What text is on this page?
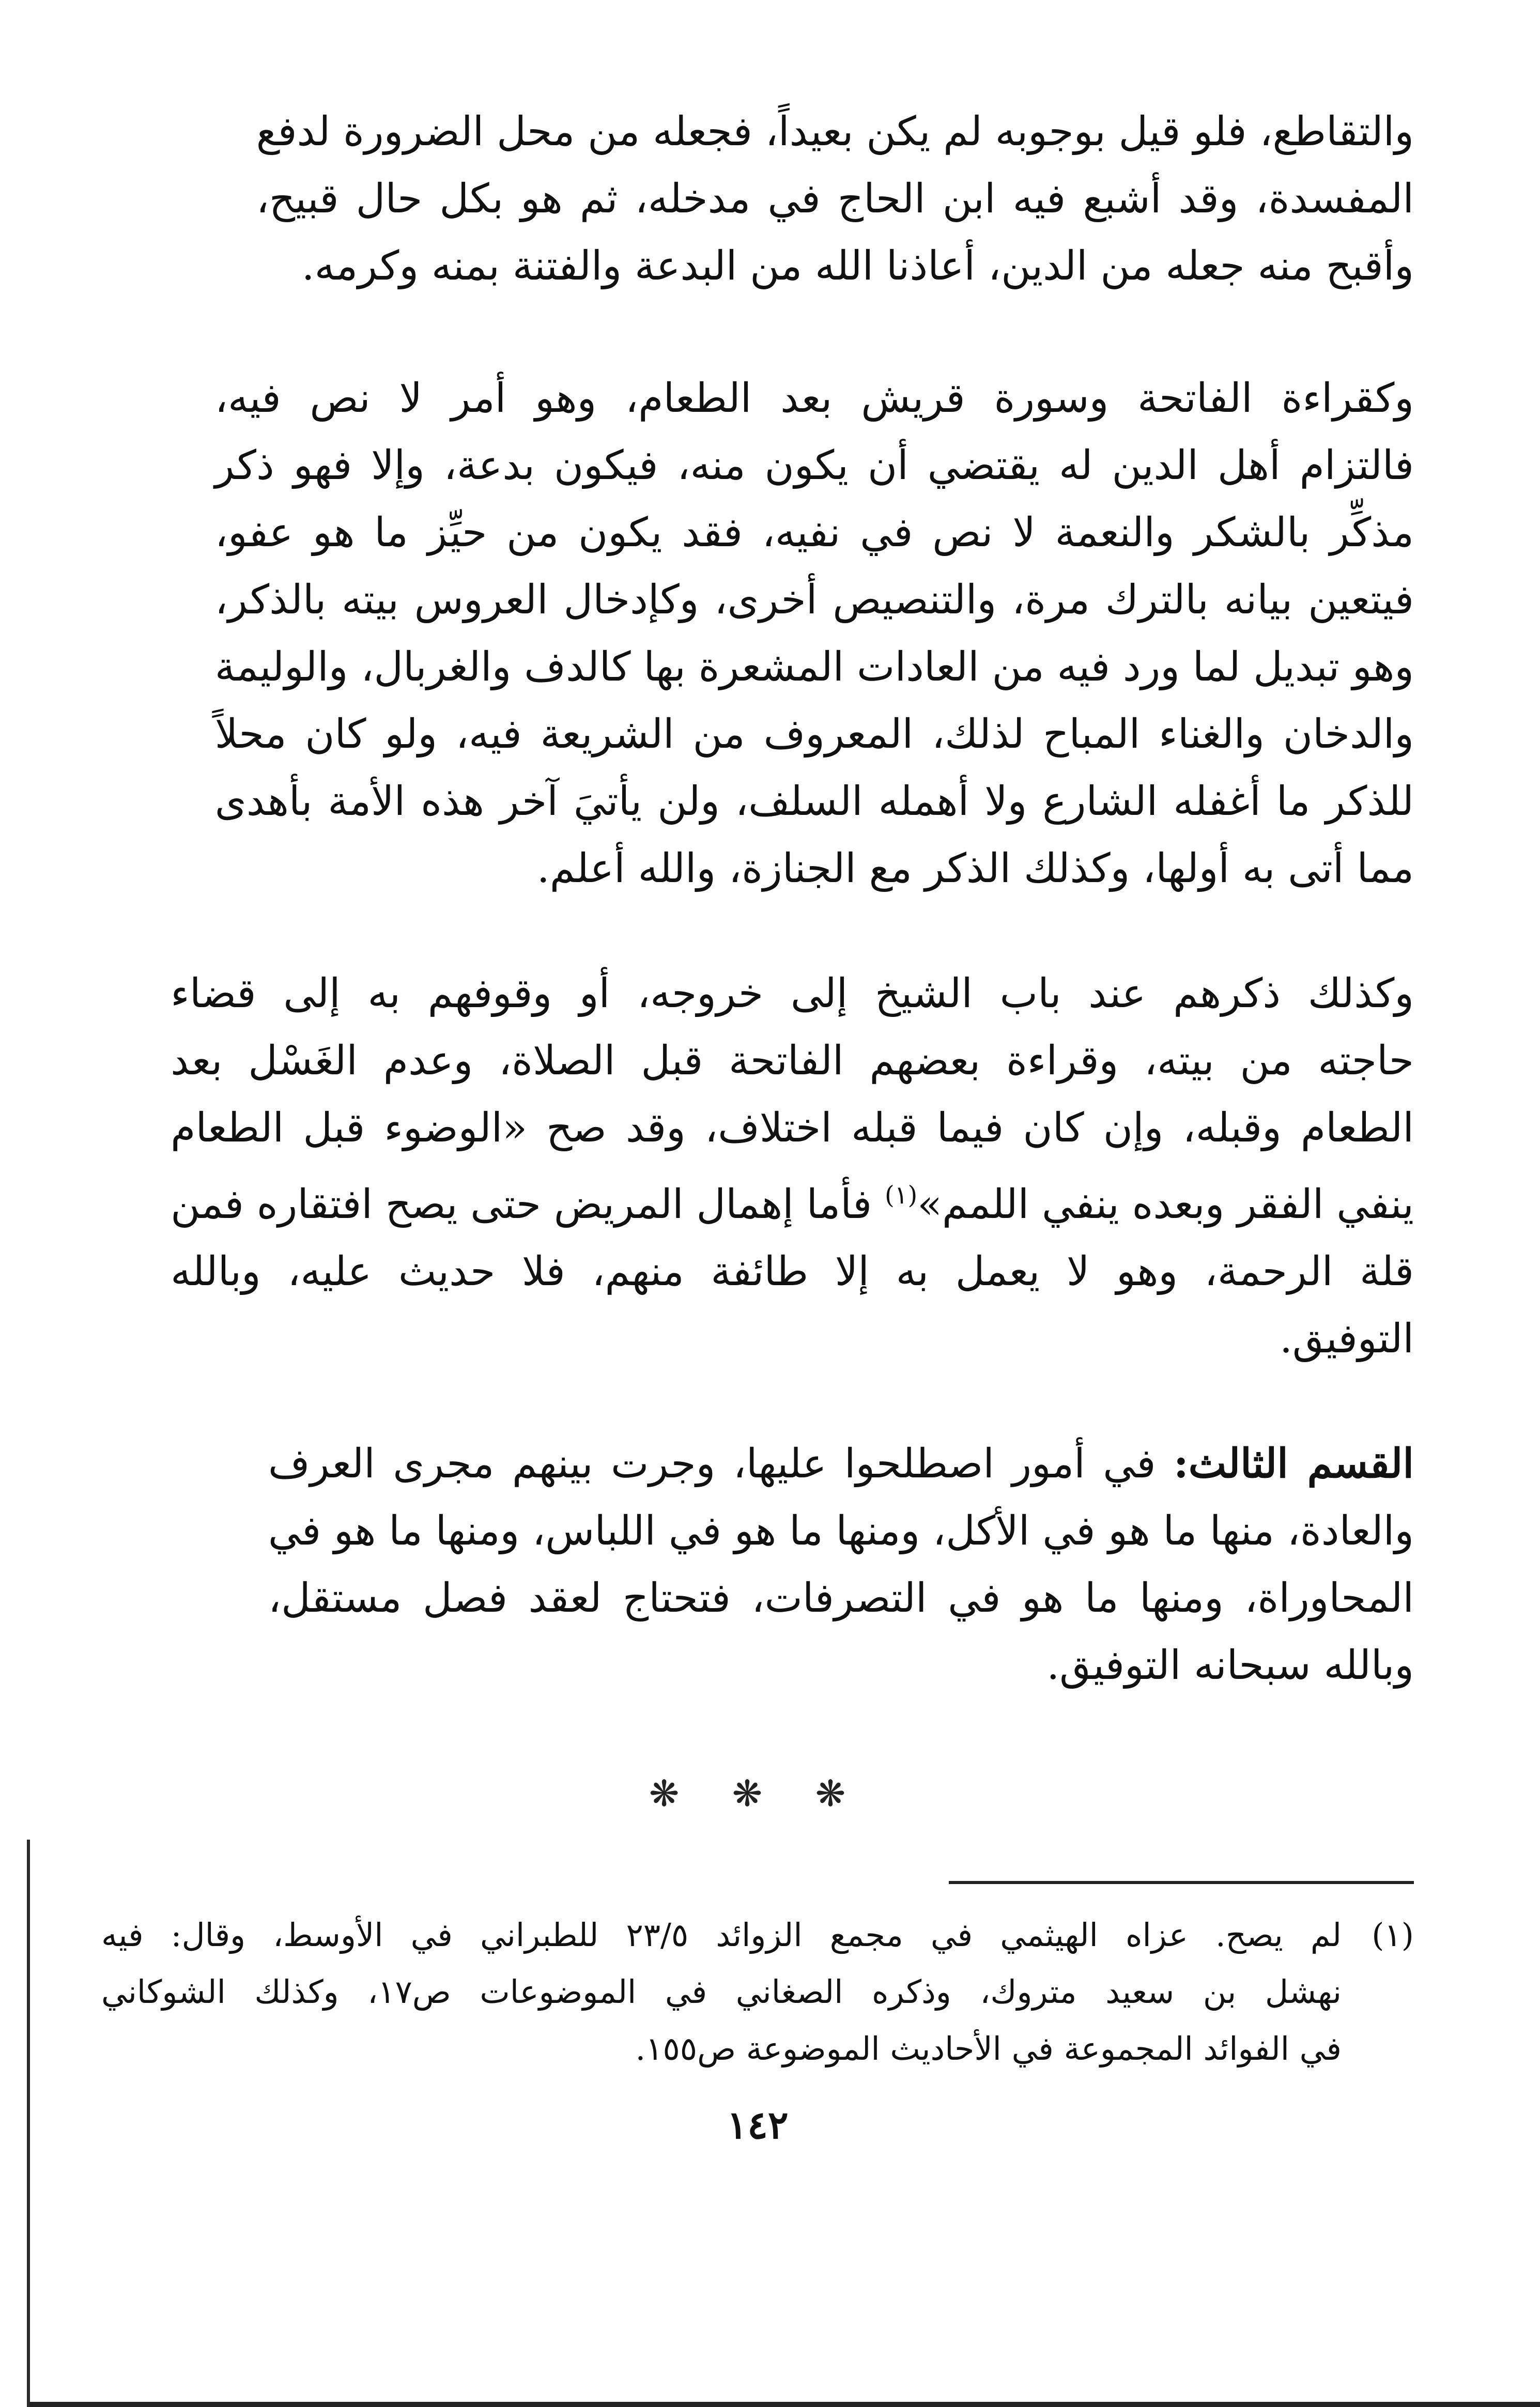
والتقاطع، فلو قيل بوجوبه لم يكن بعيداً، فجعله من محل الضرورة لدفع
المفسدة، وقد أشبع فيه ابن الحاج في مدخله، ثم هو بكل حال قبيح،
وأقبح منه جعله من الدين، أعاذنا الله من البدعة والفتنة بمنه وكرمه.
وكقراءة الفاتحة وسورة قريش بعد الطعام، وهو أمر لا نص فيه،
فالتزام أهل الدين له يقتضي أن يكون منه، فيكون بدعة، وإلا فهو ذكر
مذكِّر بالشكر والنعمة لا نص في نفيه، فقد يكون من حيِّز ما هو عفو،
فيتعين بيانه بالترك مرة، والتنصيص أخرى، وكإدخال العروس بيته بالذكر،
وهو تبديل لما ورد فيه من العادات المشعرة بها كالدف والغربال، والوليمة
والدخان والغناء المباح لذلك، المعروف من الشريعة فيه، ولو كان محلاً
للذكر ما أغفله الشارع ولا أهمله السلف، ولن يأتيَ آخر هذه الأمة بأهدى
مما أتى به أولها، وكذلك الذكر مع الجنازة، والله أعلم.
وكذلك ذكرهم عند باب الشيخ إلى خروجه، أو وقوفهم به إلى قضاء
حاجته من بيته، وقراءة بعضهم الفاتحة قبل الصلاة، وعدم الغَسْل بعد
الطعام وقبله، وإن كان فيما قبله اختلاف، وقد صح «الوضوء قبل الطعام
ينفي الفقر وبعده ينفي اللمم»$^{(١)}$ فأما إهمال المريض حتى يصح افتقاره فمن
قلة الرحمة، وهو لا يعمل به إلا طائفة منهم، فلا حديث عليه، وبالله
التوفيق.
القسم الثالث: في أمور اصطلحوا عليها، وجرت بينهم مجرى العرف
والعادة، منها ما هو في الأكل، ومنها ما هو في اللباس، ومنها ما هو في
المحاوراة، ومنها ما هو في التصرفات، فتحتاج لعقد فصل مستقل،
وبالله سبحانه التوفيق.
❋ ❋ ❋
(١)
لم يصح. عزاه الهيثمي في مجمع الزوائد ٢٣/٥ للطبراني في الأوسط، وقال: فيه
نهشل بن سعيد متروك، وذكره الصغاني في الموضوعات ص١٧، وكذلك الشوكاني
في الفوائد المجموعة في الأحاديث الموضوعة ص١٥٥.
١٤٢
